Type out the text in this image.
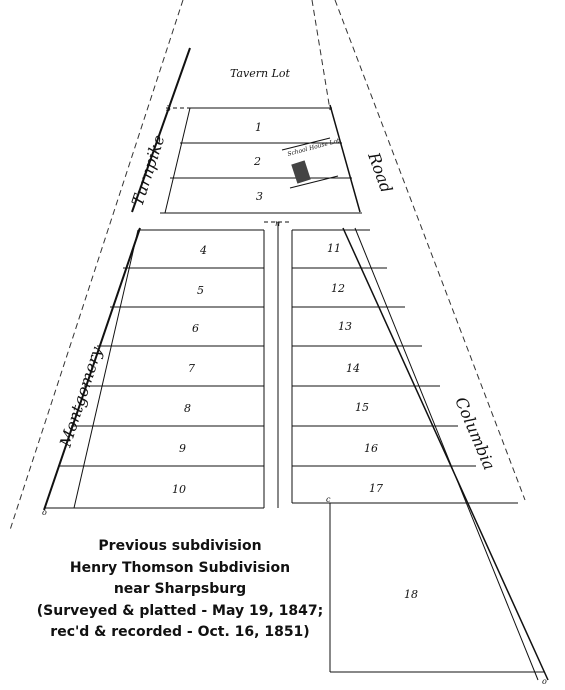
3
n
c
o
o
Tavern Lot
School House Lot
Turnpike	Road
Montgomery	Columbia
1
2
3
4
5
6
7
8
9
10
11
12
13
14
15
16
17
18
Previous subdivision
Henry Thomson Subdivision
near Sharpsburg
(Surveyed & platted - May 19, 1847;
rec'd & recorded - Oct. 16, 1851)
